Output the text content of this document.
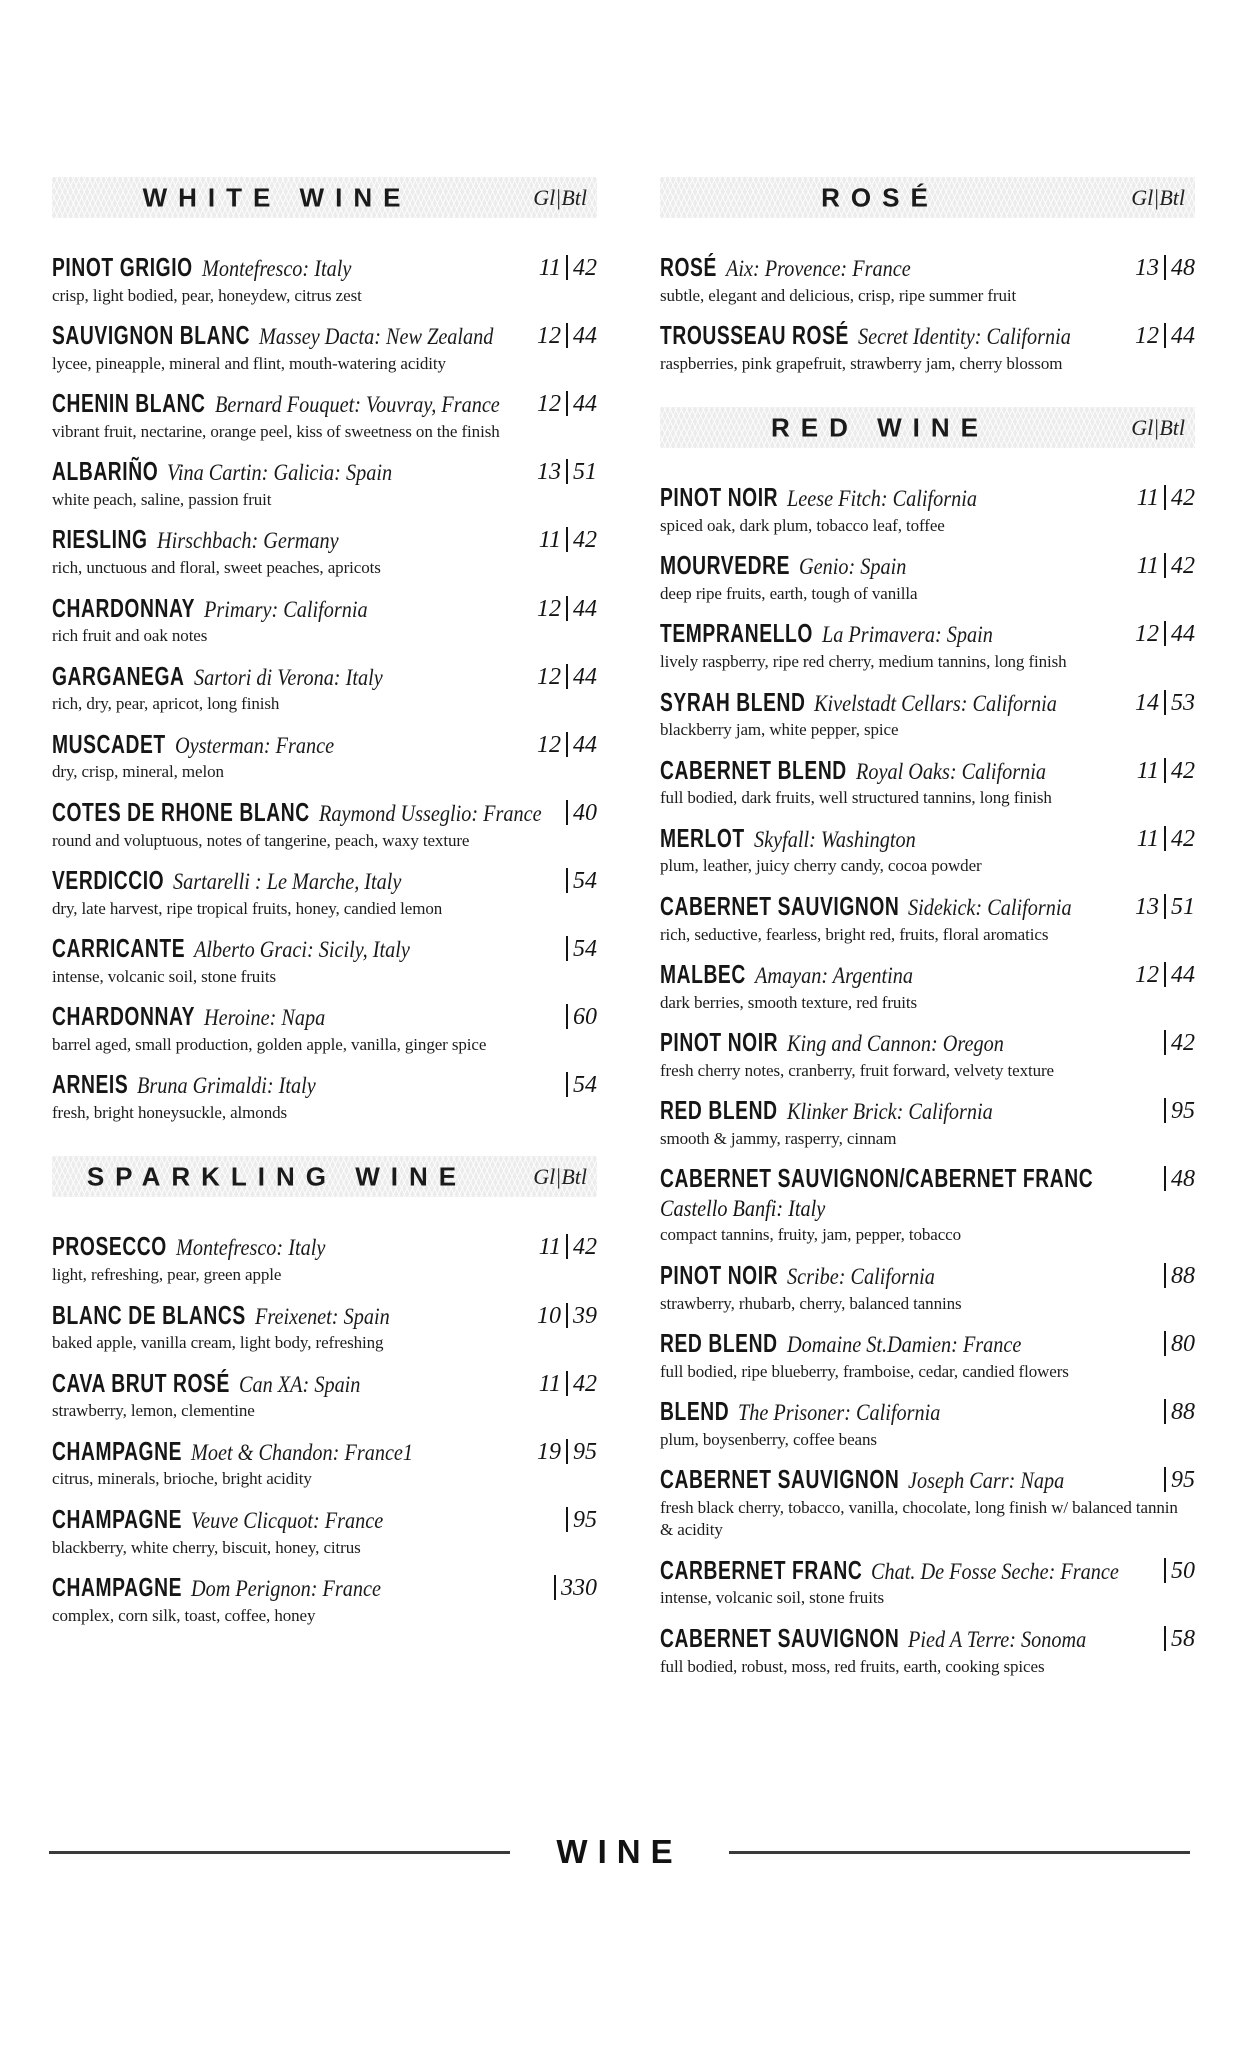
WHITE WINE	Gl|Btl
PINOT GRIGIO Montefresco: Italy	11 42
crisp, light bodied, pear, honeydew, citrus zest
SAUVIGNON BLANC Massey Dacta: New Zealand	12 44
lycee, pineapple, mineral and flint, mouth-watering acidity
CHENIN BLANC Bernard Fouquet: Vouvray, France	12 44
vibrant fruit, nectarine, orange peel, kiss of sweetness on the finish
ALBARIÑO Vina Cartin: Galicia: Spain	13 51
white peach, saline, passion fruit
RIESLING Hirschbach: Germany	11 42
rich, unctuous and floral, sweet peaches, apricots
CHARDONNAY Primary: California	12 44
rich fruit and oak notes
GARGANEGA Sartori di Verona: Italy	12 44
rich, dry, pear, apricot, long finish
MUSCADET Oysterman: France	12 44
dry, crisp, mineral, melon
COTES DE RHONE BLANC Raymond Usseglio: France	40
round and voluptuous, notes of tangerine, peach, waxy texture
VERDICCIO Sartarelli : Le Marche, Italy	54
dry, late harvest, ripe tropical fruits, honey, candied lemon
CARRICANTE Alberto Graci: Sicily, Italy	54
intense, volcanic soil, stone fruits
CHARDONNAY Heroine: Napa	60
barrel aged, small production, golden apple, vanilla, ginger spice
ARNEIS Bruna Grimaldi: Italy	54
fresh, bright honeysuckle, almonds
SPARKLING WINE	Gl|Btl
PROSECCO Montefresco: Italy	11 42
light, refreshing, pear, green apple
BLANC DE BLANCS Freixenet: Spain	10 39
baked apple, vanilla cream, light body, refreshing
CAVA BRUT ROSÉ Can XA: Spain	11 42
strawberry, lemon, clementine
CHAMPAGNE Moet & Chandon: France1	19 95
citrus, minerals, brioche, bright acidity
CHAMPAGNE Veuve Clicquot: France	95
blackberry, white cherry, biscuit, honey, citrus
CHAMPAGNE Dom Perignon: France	330
complex, corn silk, toast, coffee, honey
ROSÉ	Gl|Btl
ROSÉ Aix: Provence: France	13 48
subtle, elegant and delicious, crisp, ripe summer fruit
TROUSSEAU ROSÉ Secret Identity: California	12 44
raspberries, pink grapefruit, strawberry jam, cherry blossom
RED WINE	Gl|Btl
PINOT NOIR Leese Fitch: California	11 42
spiced oak, dark plum, tobacco leaf, toffee
MOURVEDRE Genio: Spain	11 42
deep ripe fruits, earth, tough of vanilla
TEMPRANELLO La Primavera: Spain	12 44
lively raspberry, ripe red cherry, medium tannins, long finish
SYRAH BLEND Kivelstadt Cellars: California	14 53
blackberry jam, white pepper, spice
CABERNET BLEND Royal Oaks: California	11 42
full bodied, dark fruits, well structured tannins, long finish
MERLOT Skyfall: Washington	11 42
plum, leather, juicy cherry candy, cocoa powder
CABERNET SAUVIGNON Sidekick: California	13 51
rich, seductive, fearless, bright red, fruits, floral aromatics
MALBEC Amayan: Argentina	12 44
dark berries, smooth texture, red fruits
PINOT NOIR King and Cannon: Oregon	42
fresh cherry notes, cranberry, fruit forward, velvety texture
RED BLEND Klinker Brick: California	95
smooth & jammy, rasperry, cinnam
CABERNET SAUVIGNON/CABERNET FRANC	48
Castello Banfi: Italy
compact tannins, fruity, jam, pepper, tobacco
PINOT NOIR Scribe: California	88
strawberry, rhubarb, cherry, balanced tannins
RED BLEND Domaine St.Damien: France	80
full bodied, ripe blueberry, framboise, cedar, candied flowers
BLEND The Prisoner: California	88
plum, boysenberry, coffee beans
CABERNET SAUVIGNON Joseph Carr: Napa	95
fresh black cherry, tobacco, vanilla, chocolate, long finish w/ balanced tannin & acidity
CARBERNET FRANC Chat. De Fosse Seche: France	50
intense, volcanic soil, stone fruits
CABERNET SAUVIGNON Pied A Terre: Sonoma	58
full bodied, robust, moss, red fruits, earth, cooking spices
WINE
